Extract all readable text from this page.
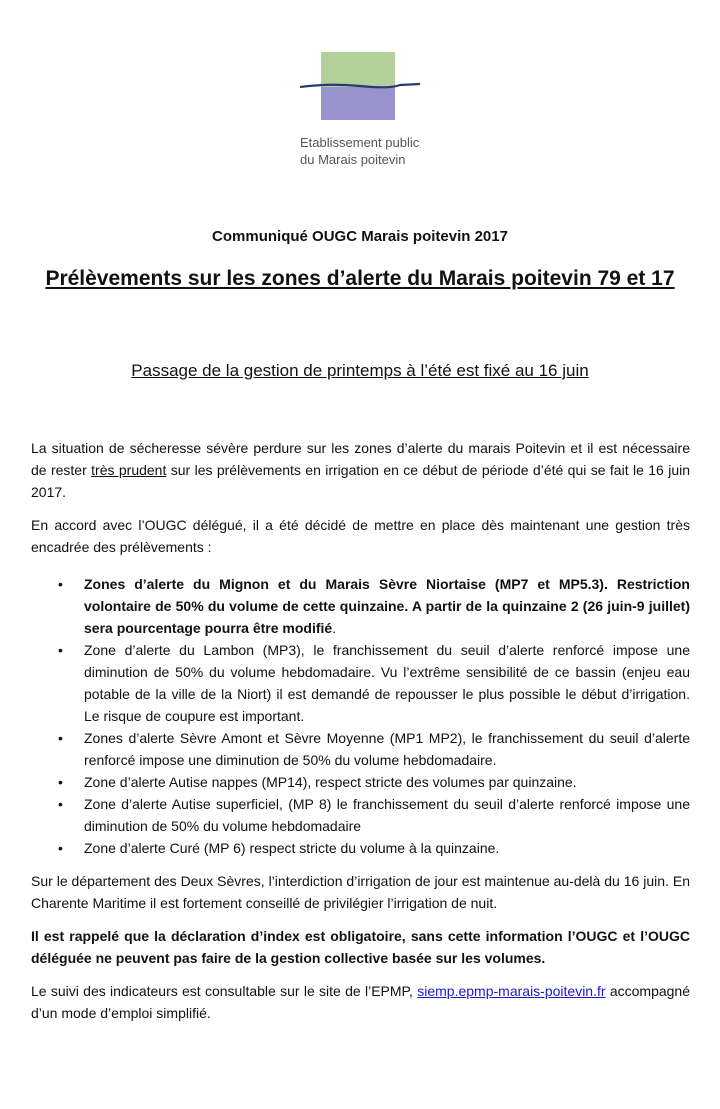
Etablissement public
du Marais poitevin
Communiqué OUGC Marais poitevin 2017
Prélèvements sur les zones d’alerte du Marais poitevin 79 et 17
Passage de la gestion de printemps à l’été est fixé au 16 juin

La situation de sécheresse sévère perdure sur les zones d’alerte du marais Poitevin et il est nécessaire de rester très prudent sur les prélèvements en irrigation en ce début de période d’été qui se fait le 16 juin 2017.

En accord avec l’OUGC délégué, il a été décidé de mettre en place dès maintenant une gestion très encadrée des prélèvements :

• Zones d’alerte du Mignon et du Marais Sèvre Niortaise (MP7 et MP5.3). Restriction volontaire de 50% du volume de cette quinzaine. A partir de la quinzaine 2 (26 juin-9 juillet) sera pourcentage pourra être modifié.
• Zone d’alerte du Lambon (MP3), le franchissement du seuil d’alerte renforcé impose une diminution de 50% du volume hebdomadaire. Vu l’extrême sensibilité de ce bassin (enjeu eau potable de la ville de la Niort) il est demandé de repousser le plus possible le début d’irrigation. Le risque de coupure est important.
• Zones d’alerte Sèvre Amont et Sèvre Moyenne (MP1 MP2), le franchissement du seuil d’alerte renforcé impose une diminution de 50% du volume hebdomadaire.
• Zone d’alerte Autise nappes (MP14), respect stricte des volumes par quinzaine.
• Zone d’alerte Autise superficiel, (MP 8) le franchissement du seuil d’alerte renforcé impose une diminution de 50% du volume hebdomadaire
• Zone d’alerte Curé (MP 6) respect stricte du volume à la quinzaine.

Sur le département des Deux Sèvres, l’interdiction d’irrigation de jour est maintenue au-delà du 16 juin. En Charente Maritime il est fortement conseillé de privilégier l’irrigation de nuit.

Il est rappelé que la déclaration d’index est obligatoire, sans cette information l’OUGC et l’OUGC déléguée ne peuvent pas faire de la gestion collective basée sur les volumes.

Le suivi des indicateurs est consultable sur le site de l’EPMP, siemp.epmp-marais-poitevin.fr accompagné d’un mode d’emploi simplifié.
